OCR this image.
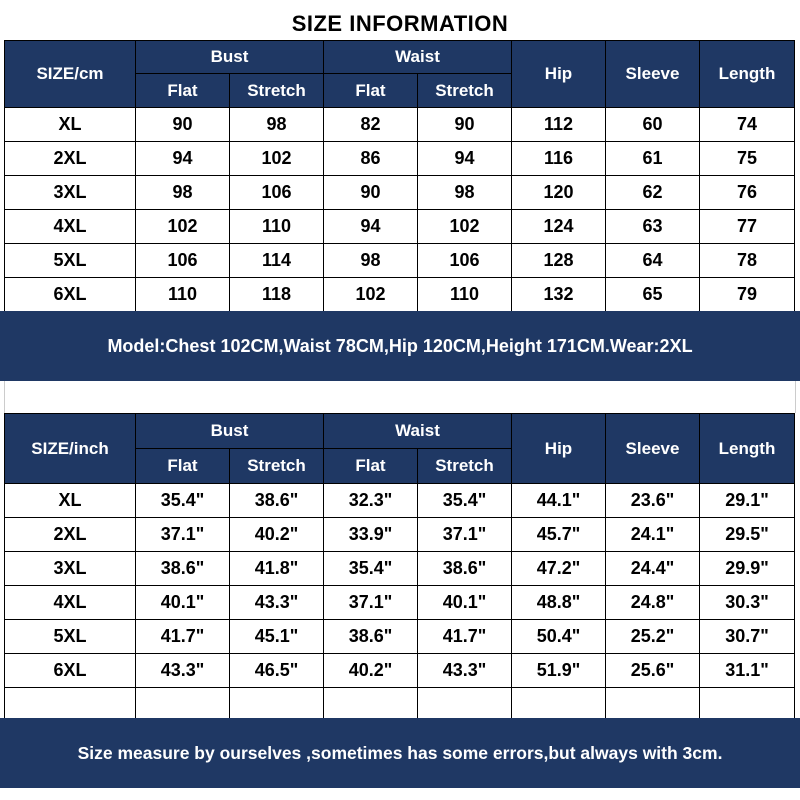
SIZE INFORMATION
SIZE/cm	Bust		Waist		Hip	Sleeve	Length
	Flat	Stretch	Flat	Stretch			
XL	90	98	82	90	112	60	74
2XL	94	102	86	94	116	61	75
3XL	98	106	90	98	120	62	76
4XL	102	110	94	102	124	63	77
5XL	106	114	98	106	128	64	78
6XL	110	118	102	110	132	65	79
Model:Chest 102CM,Waist 78CM,Hip 120CM,Height 171CM.Wear:2XL
SIZE/inch	Bust		Waist		Hip	Sleeve	Length
	Flat	Stretch	Flat	Stretch			
XL	35.4"	38.6"	32.3"	35.4"	44.1"	23.6"	29.1"
2XL	37.1"	40.2"	33.9"	37.1"	45.7"	24.1"	29.5"
3XL	38.6"	41.8"	35.4"	38.6"	47.2"	24.4"	29.9"
4XL	40.1"	43.3"	37.1"	40.1"	48.8"	24.8"	30.3"
5XL	41.7"	45.1"	38.6"	41.7"	50.4"	25.2"	30.7"
6XL	43.3"	46.5"	40.2"	43.3"	51.9"	25.6"	31.1"

Size measure by ourselves ,sometimes has some errors,but always with 3cm.
